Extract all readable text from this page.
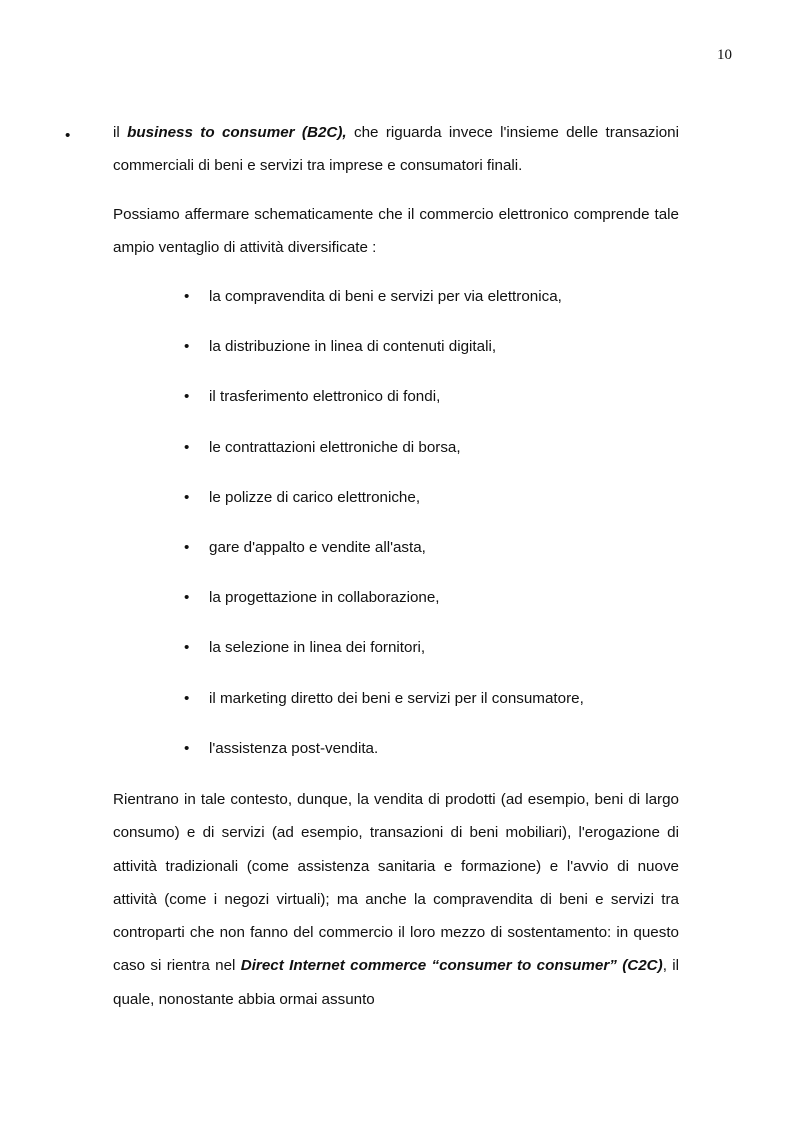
10
•	il business to consumer (B2C), che riguarda invece l'insieme delle transazioni commerciali di beni e servizi tra imprese e consumatori finali.

Possiamo affermare schematicamente che il commercio elettronico comprende tale ampio ventaglio di attività diversificate :

• la compravendita di beni e servizi per via elettronica,
• la distribuzione in linea di contenuti digitali,
• il trasferimento elettronico di fondi,
• le contrattazioni elettroniche di borsa,
• le polizze di carico elettroniche,
• gare d'appalto e vendite all'asta,
• la progettazione in collaborazione,
• la selezione in linea dei fornitori,
• il marketing diretto dei beni e servizi per il consumatore,
• l'assistenza post-vendita.

Rientrano in tale contesto, dunque, la vendita di prodotti (ad esempio, beni di largo consumo) e di servizi (ad esempio, transazioni di beni mobiliari), l'erogazione di attività tradizionali (come assistenza sanitaria e formazione) e l'avvio di nuove attività (come i negozi virtuali); ma anche la compravendita di beni e servizi tra controparti che non fanno del commercio il loro mezzo di sostentamento: in questo caso si rientra nel Direct Internet commerce “consumer to consumer” (C2C), il quale, nonostante abbia ormai assunto
